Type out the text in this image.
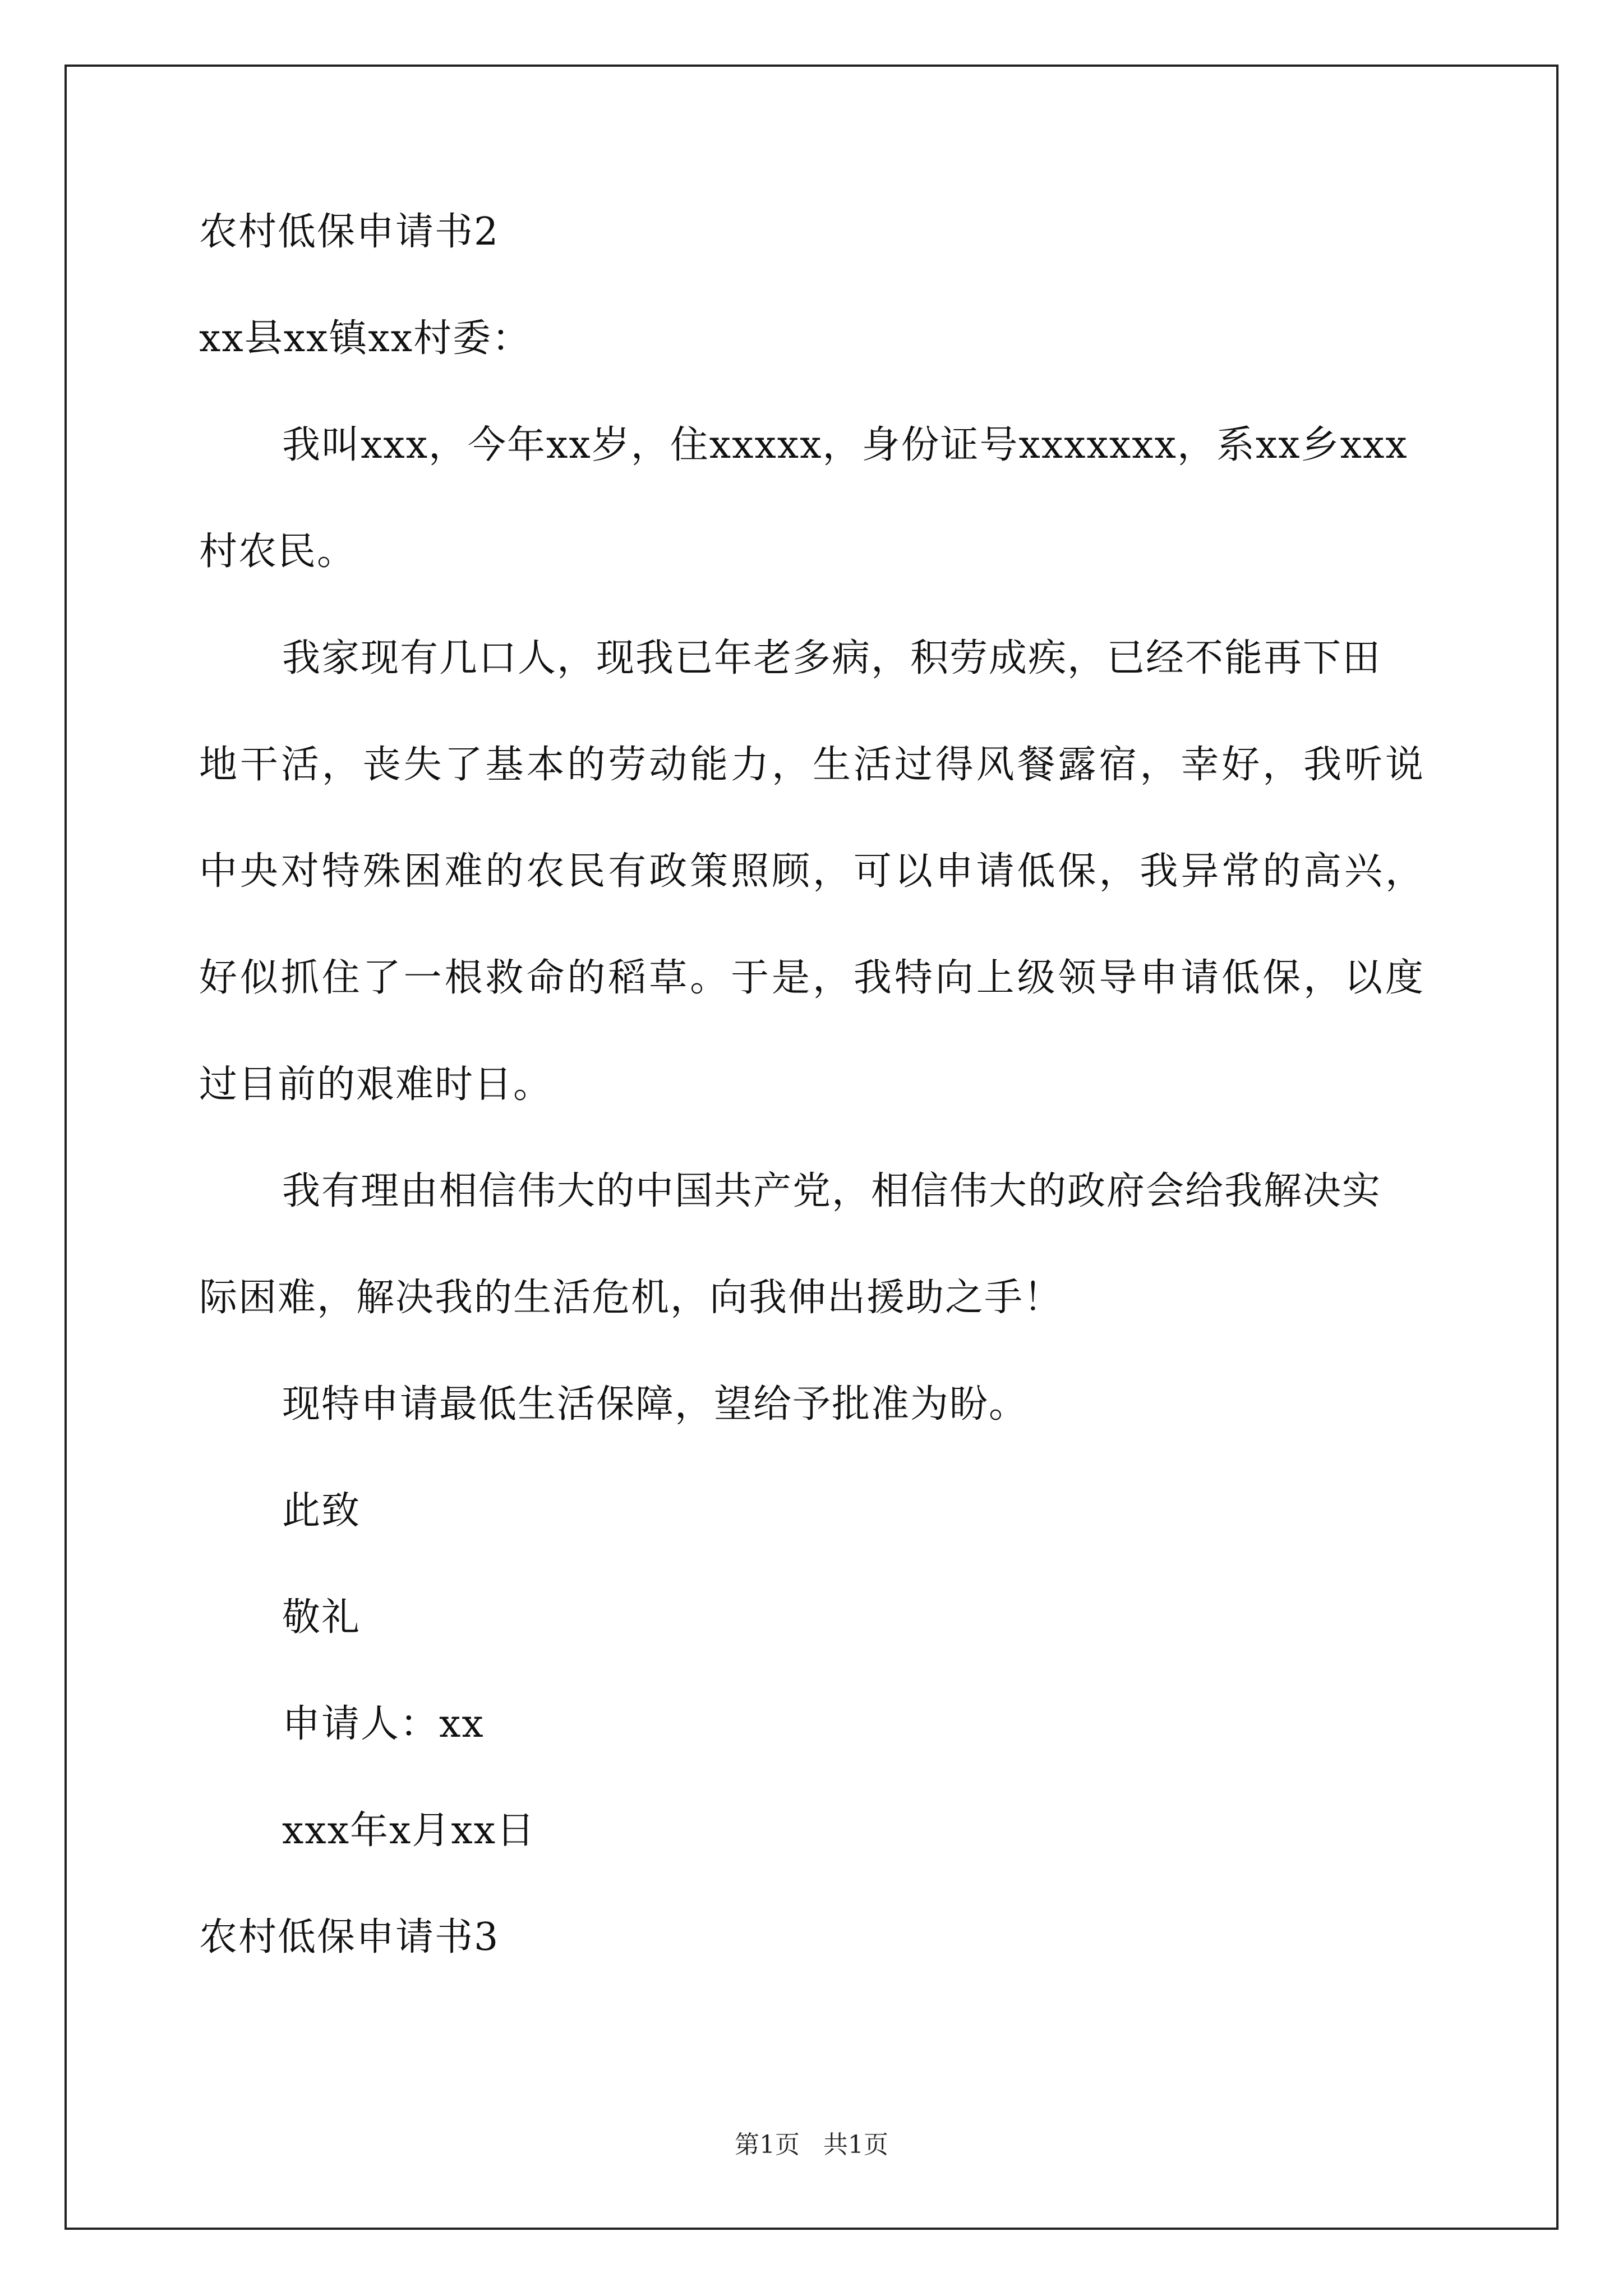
农村低保申请书2
xx县xx镇xx村委：
我叫xxx，今年xx岁，住xxxxx，身份证号xxxxxxx，系xx乡xxx
村农民。
我家现有几口人，现我已年老多病，积劳成疾，已经不能再下田
地干活，丧失了基本的劳动能力，生活过得风餐露宿，幸好，我听说
中央对特殊困难的农民有政策照顾，可以申请低保，我异常的高兴，
好似抓住了一根救命的稻草。于是，我特向上级领导申请低保，以度
过目前的艰难时日。
我有理由相信伟大的中国共产党，相信伟大的政府会给我解决实
际困难，解决我的生活危机，向我伸出援助之手！
现特申请最低生活保障，望给予批准为盼。
此致
敬礼
申请人：xx
xxx年x月xx日
农村低保申请书3
第1页 共1页
